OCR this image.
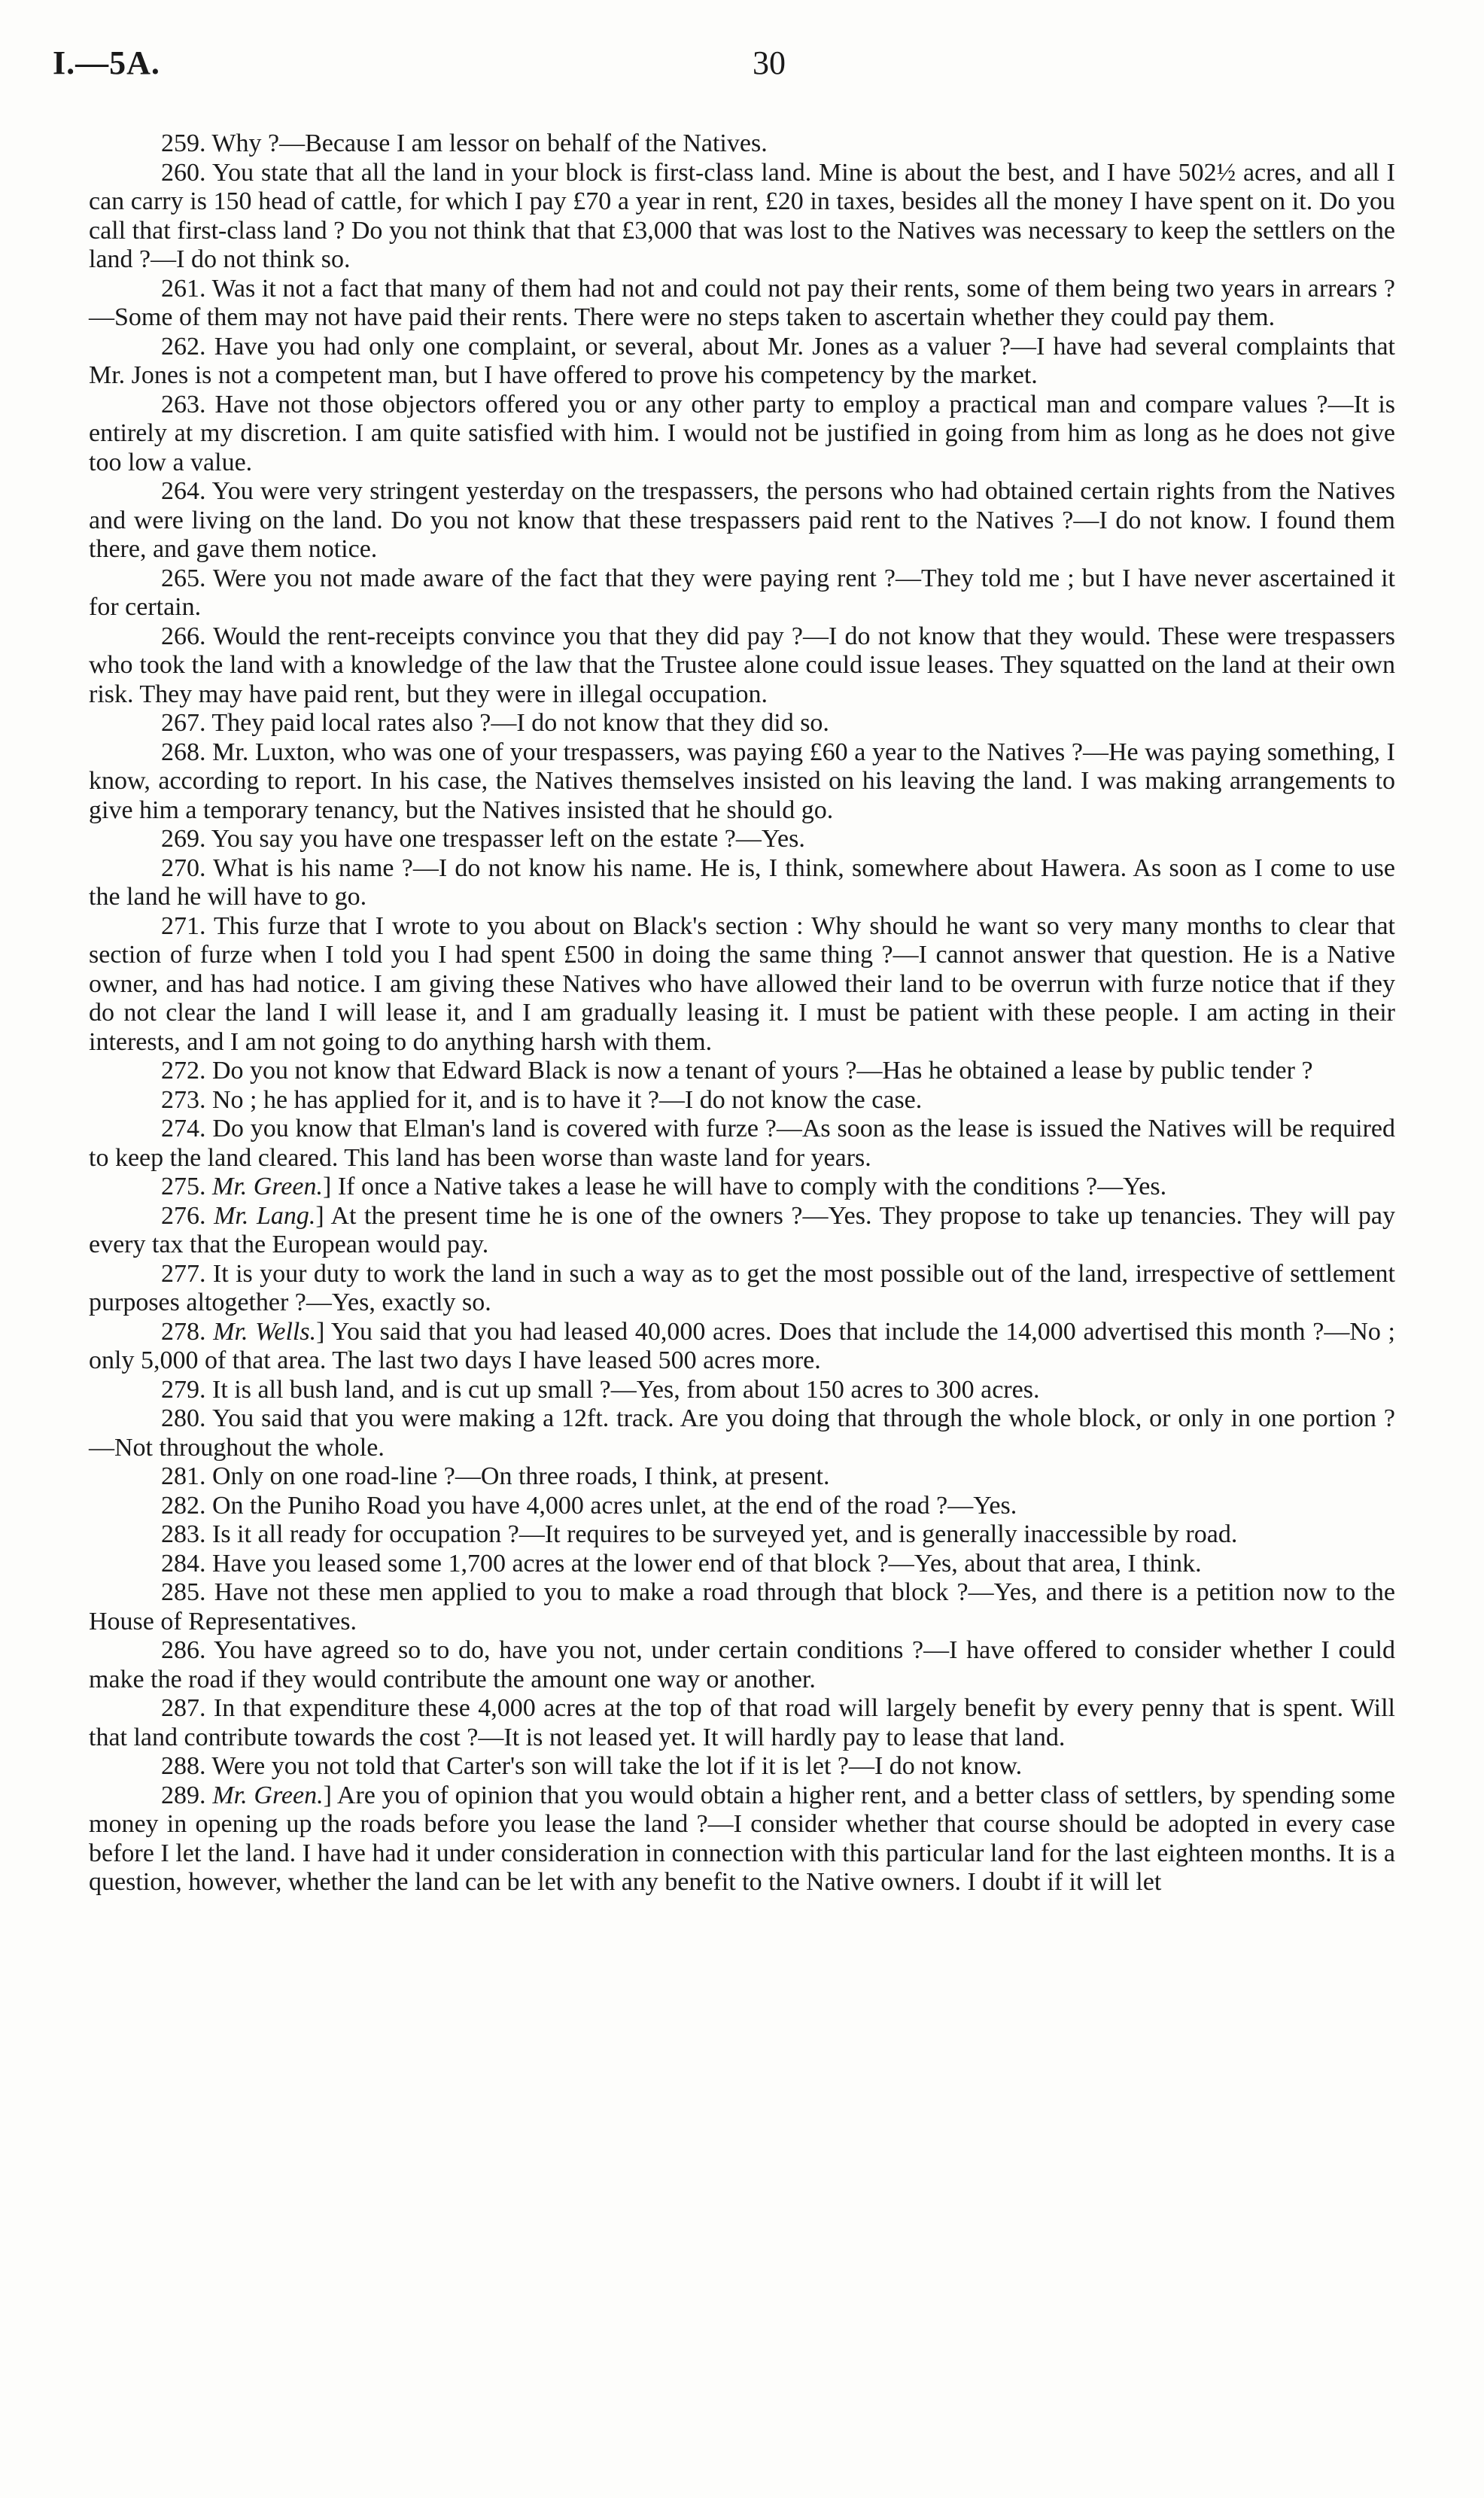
I.—5A.	30

259. Why ?—Because I am lessor on behalf of the Natives.

260. You state that all the land in your block is first-class land. Mine is about the best, and I have 502½ acres, and all I can carry is 150 head of cattle, for which I pay £70 a year in rent, £20 in taxes, besides all the money I have spent on it. Do you call that first-class land ? Do you not think that that £3,000 that was lost to the Natives was necessary to keep the settlers on the land ?—I do not think so.

261. Was it not a fact that many of them had not and could not pay their rents, some of them being two years in arrears ?—Some of them may not have paid their rents. There were no steps taken to ascertain whether they could pay them.

262. Have you had only one complaint, or several, about Mr. Jones as a valuer ?—I have had several complaints that Mr. Jones is not a competent man, but I have offered to prove his competency by the market.

263. Have not those objectors offered you or any other party to employ a practical man and compare values ?—It is entirely at my discretion. I am quite satisfied with him. I would not be justified in going from him as long as he does not give too low a value.

264. You were very stringent yesterday on the trespassers, the persons who had obtained certain rights from the Natives and were living on the land. Do you not know that these trespassers paid rent to the Natives ?—I do not know. I found them there, and gave them notice.

265. Were you not made aware of the fact that they were paying rent ?—They told me ; but I have never ascertained it for certain.

266. Would the rent-receipts convince you that they did pay ?—I do not know that they would. These were trespassers who took the land with a knowledge of the law that the Trustee alone could issue leases. They squatted on the land at their own risk. They may have paid rent, but they were in illegal occupation.

267. They paid local rates also ?—I do not know that they did so.

268. Mr. Luxton, who was one of your trespassers, was paying £60 a year to the Natives ?—He was paying something, I know, according to report. In his case, the Natives themselves insisted on his leaving the land. I was making arrangements to give him a temporary tenancy, but the Natives insisted that he should go.

269. You say you have one trespasser left on the estate ?—Yes.

270. What is his name ?—I do not know his name. He is, I think, somewhere about Hawera. As soon as I come to use the land he will have to go.

271. This furze that I wrote to you about on Black's section : Why should he want so very many months to clear that section of furze when I told you I had spent £500 in doing the same thing ?—I cannot answer that question. He is a Native owner, and has had notice. I am giving these Natives who have allowed their land to be overrun with furze notice that if they do not clear the land I will lease it, and I am gradually leasing it. I must be patient with these people. I am acting in their interests, and I am not going to do anything harsh with them.

272. Do you not know that Edward Black is now a tenant of yours ?—Has he obtained a lease by public tender ?

273. No ; he has applied for it, and is to have it ?—I do not know the case.

274. Do you know that Elman's land is covered with furze ?—As soon as the lease is issued the Natives will be required to keep the land cleared. This land has been worse than waste land for years.

275. Mr. Green.] If once a Native takes a lease he will have to comply with the conditions ?—Yes.

276. Mr. Lang.] At the present time he is one of the owners ?—Yes. They propose to take up tenancies. They will pay every tax that the European would pay.

277. It is your duty to work the land in such a way as to get the most possible out of the land, irrespective of settlement purposes altogether ?—Yes, exactly so.

278. Mr. Wells.] You said that you had leased 40,000 acres. Does that include the 14,000 advertised this month ?—No ; only 5,000 of that area. The last two days I have leased 500 acres more.

279. It is all bush land, and is cut up small ?—Yes, from about 150 acres to 300 acres.

280. You said that you were making a 12ft. track. Are you doing that through the whole block, or only in one portion ?—Not throughout the whole.

281. Only on one road-line ?—On three roads, I think, at present.

282. On the Puniho Road you have 4,000 acres unlet, at the end of the road ?—Yes.

283. Is it all ready for occupation ?—It requires to be surveyed yet, and is generally inaccessible by road.

284. Have you leased some 1,700 acres at the lower end of that block ?—Yes, about that area, I think.

285. Have not these men applied to you to make a road through that block ?—Yes, and there is a petition now to the House of Representatives.

286. You have agreed so to do, have you not, under certain conditions ?—I have offered to consider whether I could make the road if they would contribute the amount one way or another.

287. In that expenditure these 4,000 acres at the top of that road will largely benefit by every penny that is spent. Will that land contribute towards the cost ?—It is not leased yet. It will hardly pay to lease that land.

288. Were you not told that Carter's son will take the lot if it is let ?—I do not know.

289. Mr. Green.] Are you of opinion that you would obtain a higher rent, and a better class of settlers, by spending some money in opening up the roads before you lease the land ?—I consider whether that course should be adopted in every case before I let the land. I have had it under consideration in connection with this particular land for the last eighteen months. It is a question, however, whether the land can be let with any benefit to the Native owners. I doubt if it will let
